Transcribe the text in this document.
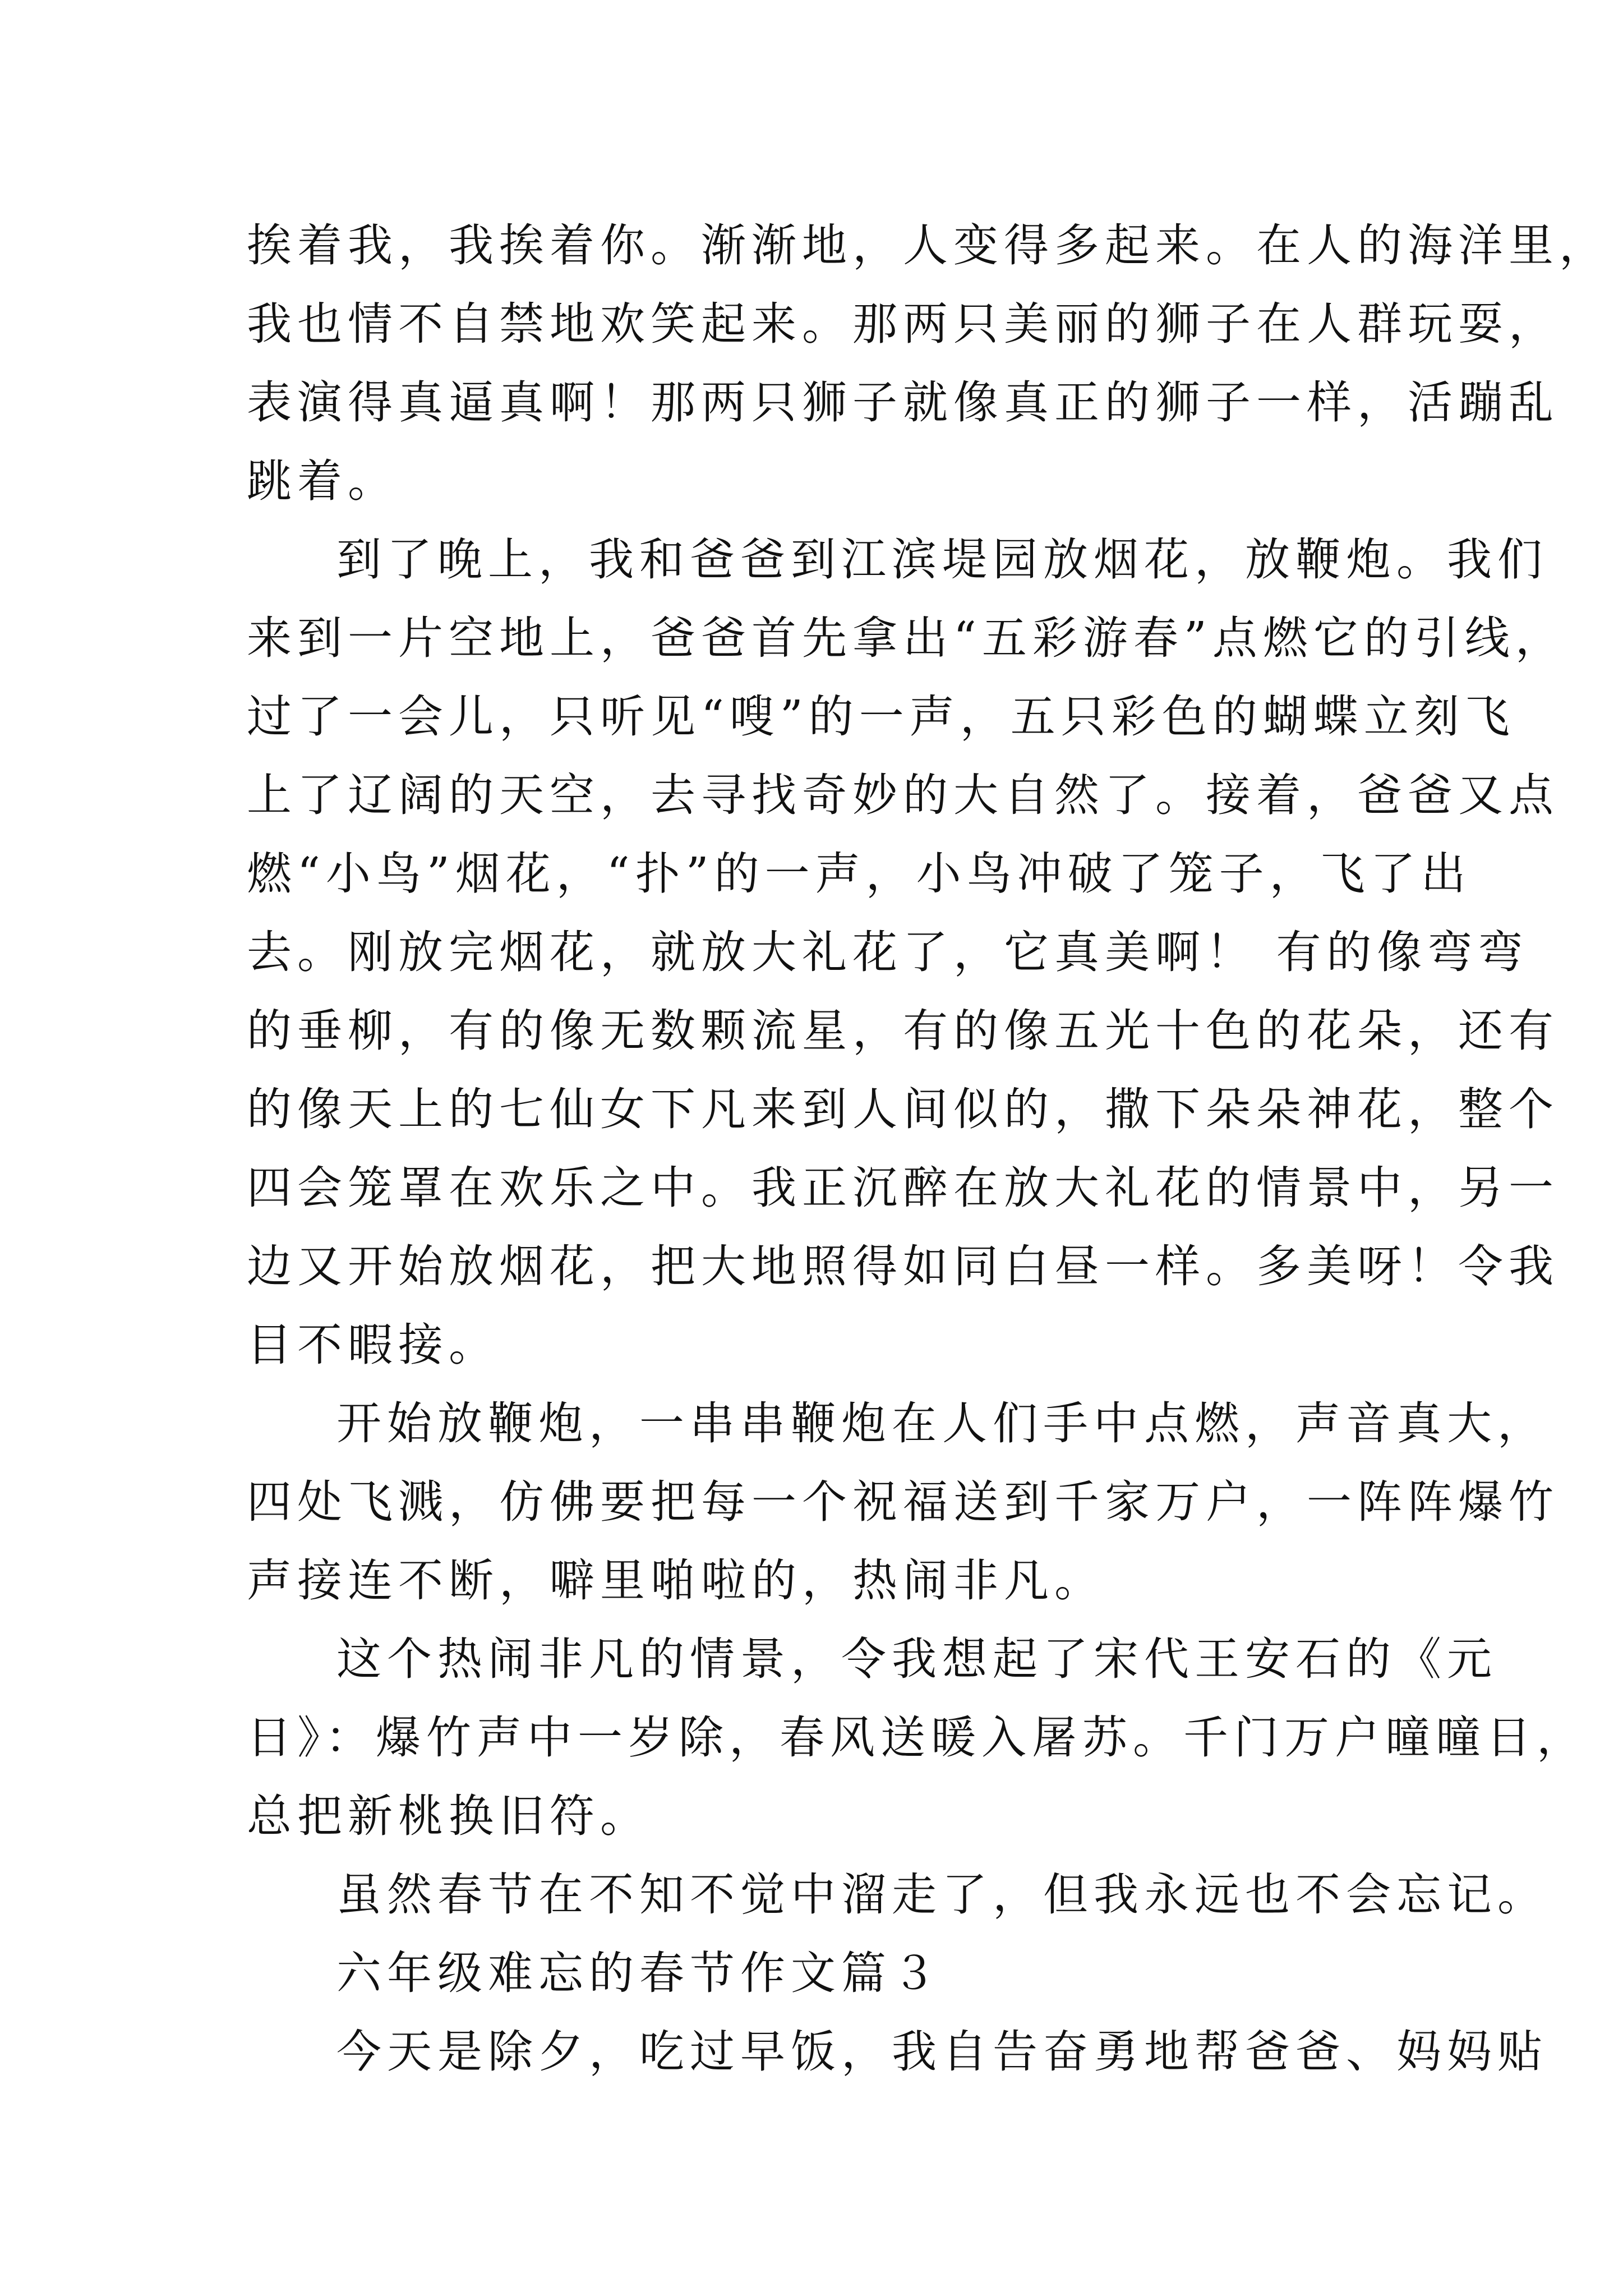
挨着我，我挨着你。渐渐地，人变得多起来。在人的海洋里，

我也情不自禁地欢笑起来。那两只美丽的狮子在人群玩耍，

表演得真逼真啊！那两只狮子就像真正的狮子一样，活蹦乱

跳着。

到了晚上，我和爸爸到江滨堤园放烟花，放鞭炮。我们

来到一片空地上，爸爸首先拿出“五彩游春”点燃它的引线，

过了一会儿，只听见“嗖”的一声，五只彩色的蝴蝶立刻飞

上了辽阔的天空，去寻找奇妙的大自然了。接着，爸爸又点

燃“小鸟”烟花，“扑”的一声，小鸟冲破了笼子，飞了出

去。刚放完烟花，就放大礼花了，它真美啊！ 有的像弯弯

的垂柳，有的像无数颗流星，有的像五光十色的花朵，还有

的像天上的七仙女下凡来到人间似的，撒下朵朵神花，整个

四会笼罩在欢乐之中。我正沉醉在放大礼花的情景中，另一

边又开始放烟花，把大地照得如同白昼一样。多美呀！令我

目不暇接。

开始放鞭炮，一串串鞭炮在人们手中点燃，声音真大，

四处飞溅，仿佛要把每一个祝福送到千家万户，一阵阵爆竹

声接连不断，噼里啪啦的，热闹非凡。

这个热闹非凡的情景，令我想起了宋代王安石的《元

日》：爆竹声中一岁除，春风送暖入屠苏。千门万户曈曈日，

总把新桃换旧符。

虽然春节在不知不觉中溜走了，但我永远也不会忘记。

六年级难忘的春节作文篇３

今天是除夕，吃过早饭，我自告奋勇地帮爸爸、妈妈贴
